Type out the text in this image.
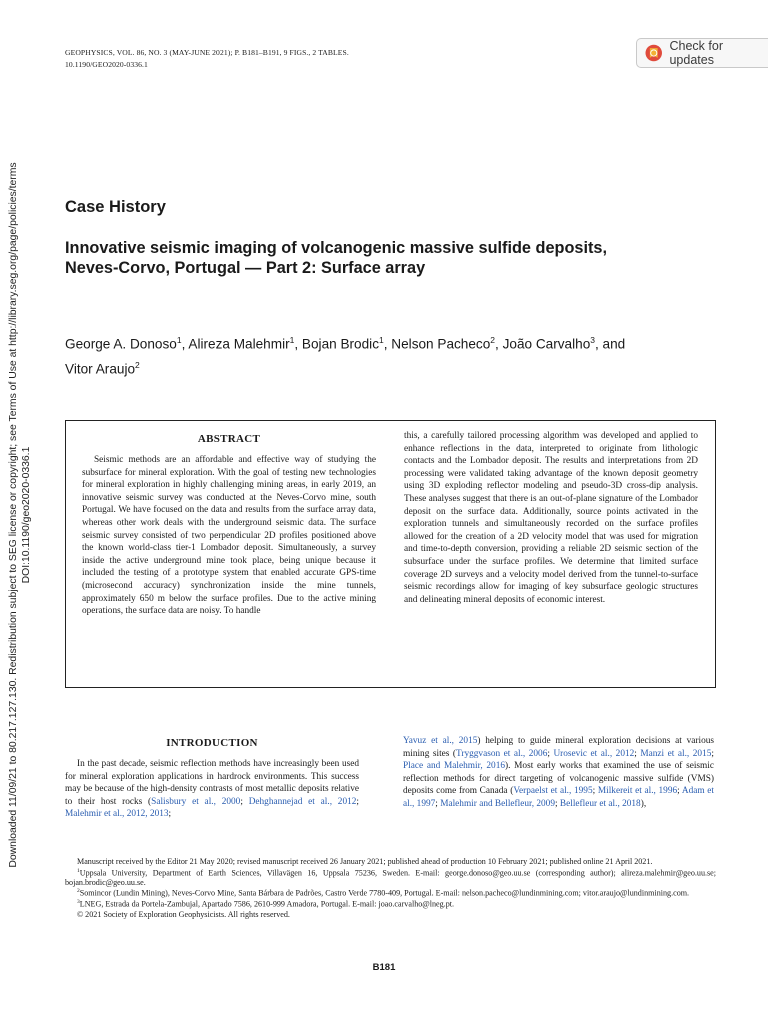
GEOPHYSICS, VOL. 86, NO. 3 (MAY-JUNE 2021); P. B181–B191, 9 FIGS., 2 TABLES.
10.1190/GEO2020-0336.1
Check for updates
Downloaded 11/09/21 to 80.217.127.130. Redistribution subject to SEG license or copyright; see Terms of Use at http://library.seg.org/page/policies/terms DOI:10.1190/geo2020-0336.1
Case History
Innovative seismic imaging of volcanogenic massive sulfide deposits,
Neves-Corvo, Portugal — Part 2: Surface array
George A. Donoso$^1$, Alireza Malehmir$^1$, Bojan Brodic$^1$, Nelson Pacheco$^2$, João Carvalho$^3$, and
Vitor Araujo$^2$
ABSTRACT

Seismic methods are an affordable and effective way of studying the subsurface for mineral exploration. With the goal of testing new technologies for mineral exploration in highly challenging mining areas, in early 2019, an innovative seismic survey was conducted at the Neves-Corvo mine, south Portugal. We have focused on the data and results from the surface array data, whereas other work deals with the underground seismic data. The surface seismic survey consisted of two perpendicular 2D profiles positioned above the known world-class tier-1 Lombador deposit. Simultaneously, a survey inside the active underground mine took place, being unique because it included the testing of a prototype system that enabled accurate GPS-time (microsecond accuracy) synchronization inside the mine tunnels, approximately 650 m below the surface profiles. Due to the active mining operations, the surface data are noisy. To handle

this, a carefully tailored processing algorithm was developed and applied to enhance reflections in the data, interpreted to originate from lithologic contacts and the Lombador deposit. The results and interpretations from 2D processing were validated taking advantage of the known deposit geometry using 3D exploding reflector modeling and pseudo-3D cross-dip analysis. These analyses suggest that there is an out-of-plane signature of the Lombador deposit on the surface data. Additionally, source points activated in the exploration tunnels and simultaneously recorded on the surface profiles allowed for the creation of a 2D velocity model that was used for migration and time-to-depth conversion, providing a reliable 2D seismic section of the subsurface under the surface profiles. We determine that limited surface coverage 2D surveys and a velocity model derived from the tunnel-to-surface seismic recordings allow for imaging of key subsurface geologic structures and delineating mineral deposits of economic interest.

INTRODUCTION

In the past decade, seismic reflection methods have increasingly been used for mineral exploration applications in hardrock environments. This success may be because of the high-density contrasts of most metallic deposits relative to their host rocks (Salisbury et al., 2000; Dehghannejad et al., 2012; Malehmir et al., 2012, 2013;

Yavuz et al., 2015) helping to guide mineral exploration decisions at various mining sites (Tryggvason et al., 2006; Urosevic et al., 2012; Manzi et al., 2015; Place and Malehmir, 2016). Most early works that examined the use of seismic reflection methods for direct targeting of volcanogenic massive sulfide (VMS) deposits come from Canada (Verpaelst et al., 1995; Milkereit et al., 1996; Adam et al., 1997; Malehmir and Bellefleur, 2009; Bellefleur et al., 2018),

Manuscript received by the Editor 21 May 2020; revised manuscript received 26 January 2021; published ahead of production 10 February 2021; published online 21 April 2021.

$^1$Uppsala University, Department of Earth Sciences, Villavägen 16, Uppsala 75236, Sweden. E-mail: george.donoso@geo.uu.se (corresponding author); alireza.malehmir@geo.uu.se; bojan.brodic@geo.uu.se.

$^2$Somincor (Lundin Mining), Neves-Corvo Mine, Santa Bárbara de Padrões, Castro Verde 7780-409, Portugal. E-mail: nelson.pacheco@lundinmining.com; vitor.araujo@lundinmining.com.

$^3$LNEG, Estrada da Portela-Zambujal, Apartado 7586, 2610-999 Amadora, Portugal. E-mail: joao.carvalho@lneg.pt.

© 2021 Society of Exploration Geophysicists. All rights reserved.

B181
